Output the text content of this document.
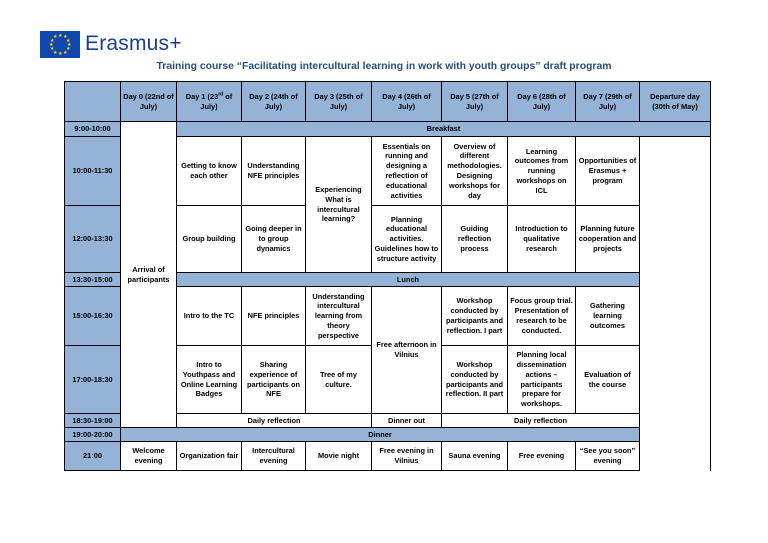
★ ★
★
★
★
★
★
★
★
★
★
★ Erasmus+
Training course “Facilitating intercultural learning in work with youth groups” draft program
	Day 0 (22nd of July)	Day 1 (23rd of July)	Day 2 (24th of July)	Day 3 (25th of July)	Day 4 (26th of July)	Day 5 (27th of July)	Day 6 (28th of July)	Day 7 (29th of July)	Departure day (30th of May)	
9:00-10:00	Arrival of participants	Breakfast	
10:00-11:30		Getting to know each other	Understanding NFE principles	Experiencing What is intercultural learning?	Essentials on running and designing a reflection of educational activities	Overview of different methodologies. Designing workshops for day	Learning outcomes from running workshops on ICL	Opportunities of Erasmus + program		
12:00-13:30		Group building	Going deeper in to group dynamics		Planning educational activities. Guidelines how to structure activity	Guiding reflection process	Introduction to qualitative research	Planning future cooperation and projects		
13:30-15:00		Lunch								
15:00-16:30		Intro to the TC	NFE principles	Understanding intercultural learning from theory perspective	Free afternoon in Vilnius	Workshop conducted by participants and reflection. I part	Focus group trial. Presentation of research to be conducted.	Gathering learning outcomes		
17:00-18:30		Intro to Youthpass and Online Learning Badges	Sharing experience of participants on NFE	Tree of my culture.		Workshop conducted by participants and reflection. II part	Planning local dissemination actions – participants prepare for workshops.	Evaluation of the course		
18:30-19:00		Daily reflection			Dinner out	Daily reflection				
19:00-20:00	Dinner									
21:00	Welcome evening	Organization fair	Intercultural evening	Movie night	Free evening in Vilnius	Sauna evening	Free evening	“See you soon” evening		
